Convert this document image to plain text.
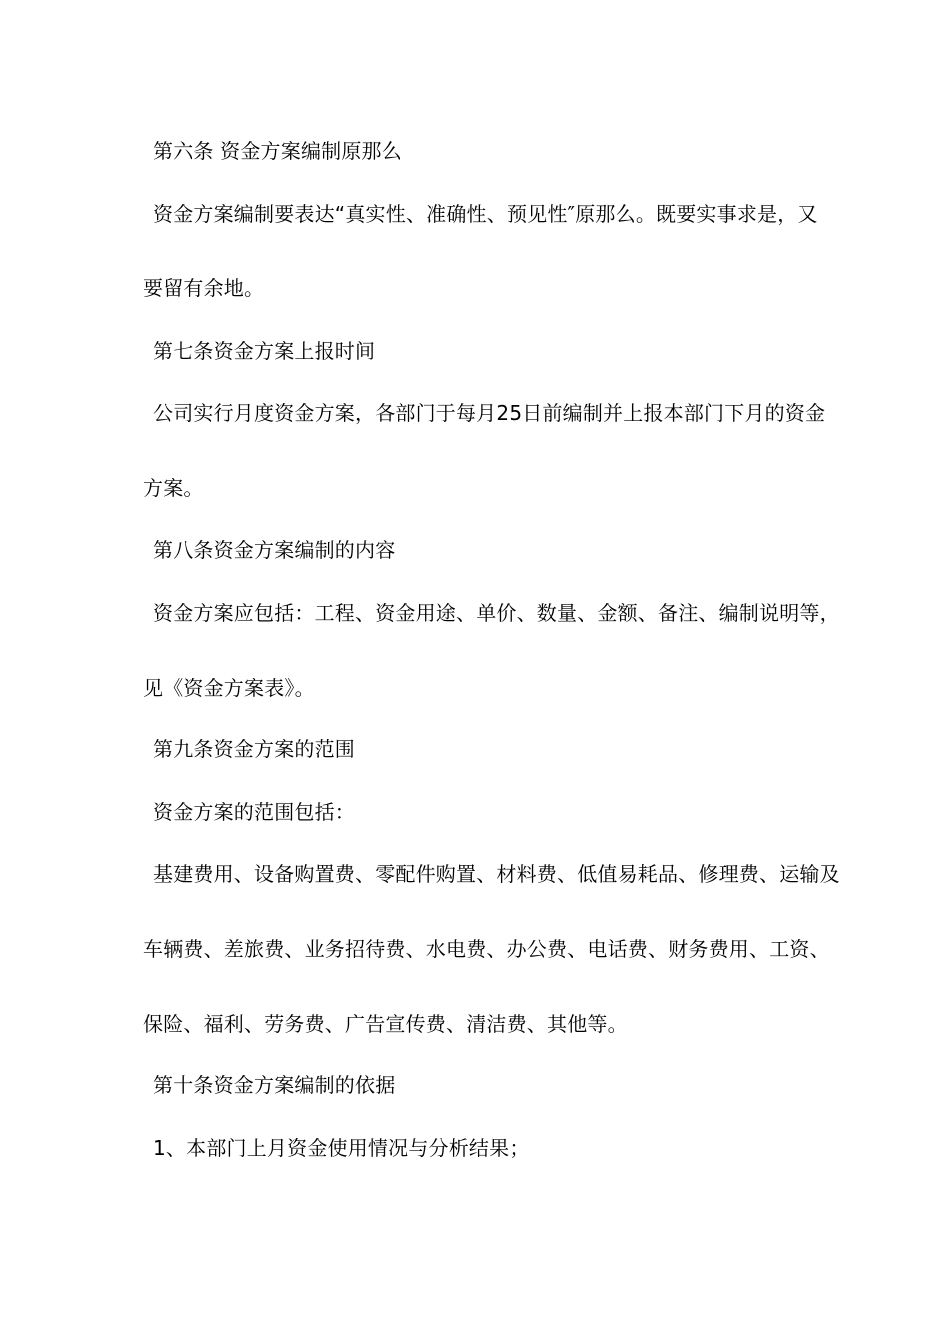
第六条 资金方案编制原那么
资金方案编制要表达“真实性、准确性、预见性″原那么。既要实事求是，又
要留有余地。
第七条资金方案上报时间
公司实行月度资金方案，各部门于每月25日前编制并上报本部门下月的资金
方案。
第八条资金方案编制的内容
资金方案应包括：工程、资金用途、单价、数量、金额、备注、编制说明等，
见《资金方案表》。
第九条资金方案的范围
资金方案的范围包括：
基建费用、设备购置费、零配件购置、材料费、低值易耗品、修理费、运输及
车辆费、差旅费、业务招待费、水电费、办公费、电话费、财务费用、工资、
保险、福利、劳务费、广告宣传费、清洁费、其他等。
第十条资金方案编制的依据
1、本部门上月资金使用情况与分析结果；
